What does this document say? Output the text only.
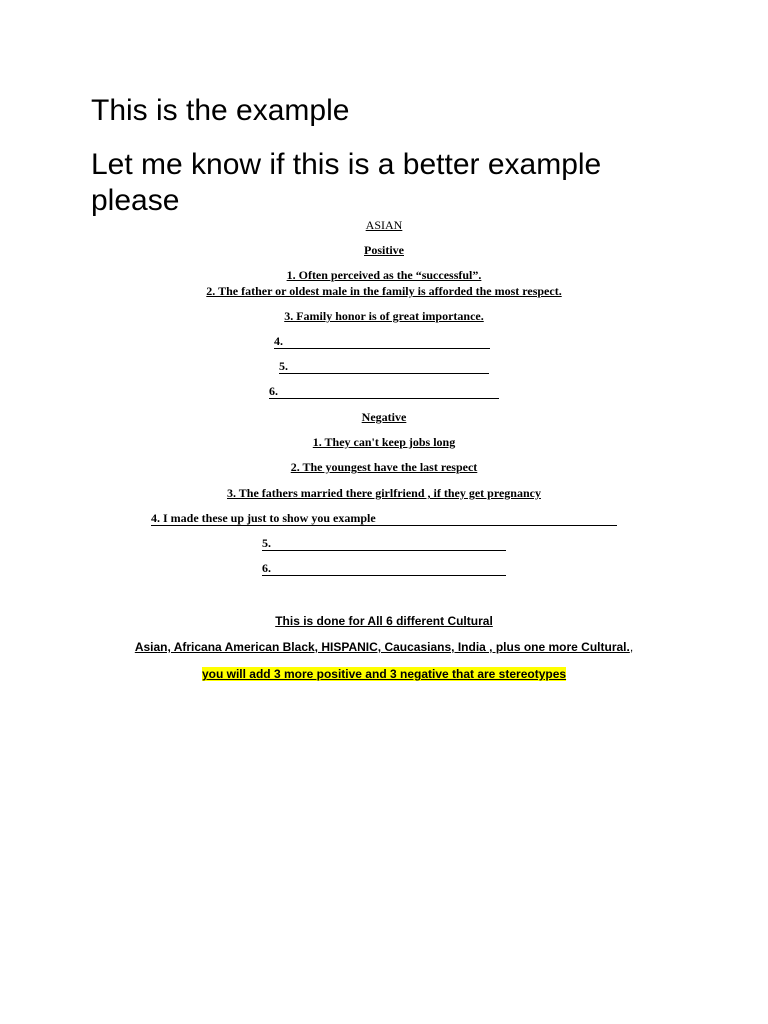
This is the example
Let me know if this is a better example please
ASIAN
Positive
1. Often perceived as the “successful”.
2. The father or oldest male in the family is afforded the most respect.
3. Family honor is of great importance.
4.
5.
6.
Negative
1. They can't keep jobs long
2. The youngest have the last respect
3. The fathers married there girlfriend , if they get pregnancy
4. I made these up just to show you example
5.
6.
This is done for All 6 different Cultural
Asian, Africana American Black, HISPANIC, Caucasians, India , plus one more Cultural.,
you will add 3 more positive and 3 negative that are stereotypes
